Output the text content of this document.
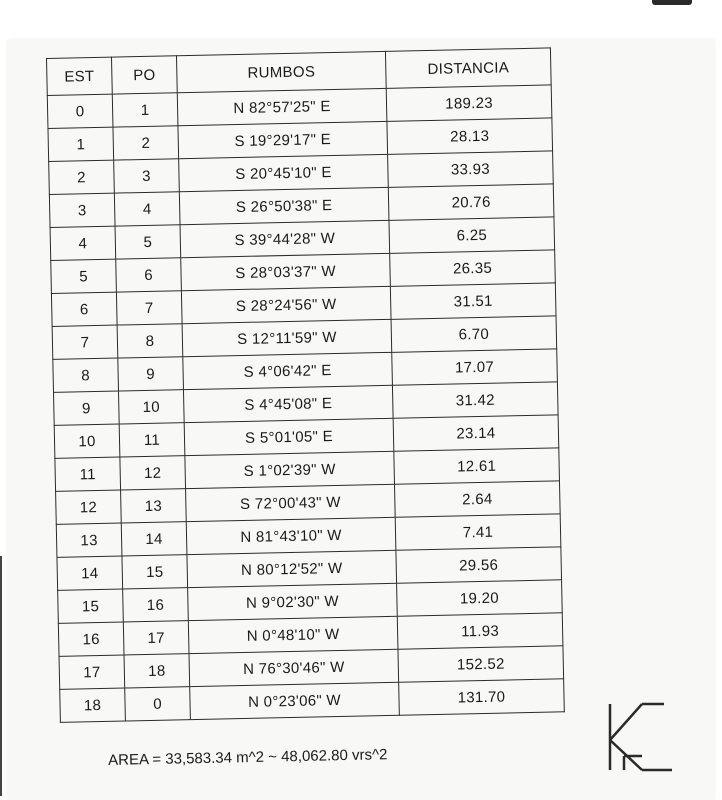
EST	PO	RUMBOS	DISTANCIA
0	1	N 82°57'25" E	189.23
1	2	S 19°29'17" E	28.13
2	3	S 20°45'10" E	33.93
3	4	S 26°50'38" E	20.76
4	5	S 39°44'28" W	6.25
5	6	S 28°03'37" W	26.35
6	7	S 28°24'56" W	31.51
7	8	S 12°11'59" W	6.70
8	9	S 4°06'42" E	17.07
9	10	S 4°45'08" E	31.42
10	11	S 5°01'05" E	23.14
11	12	S 1°02'39" W	12.61
12	13	S 72°00'43" W	2.64
13	14	N 81°43'10" W	7.41
14	15	N 80°12'52" W	29.56
15	16	N 9°02'30" W	19.20
16	17	N 0°48'10" W	11.93
17	18	N 76°30'46" W	152.52
18	0	N 0°23'06" W	131.70
AREA = 33,583.34 m^2 ~ 48,062.80 vrs^2
